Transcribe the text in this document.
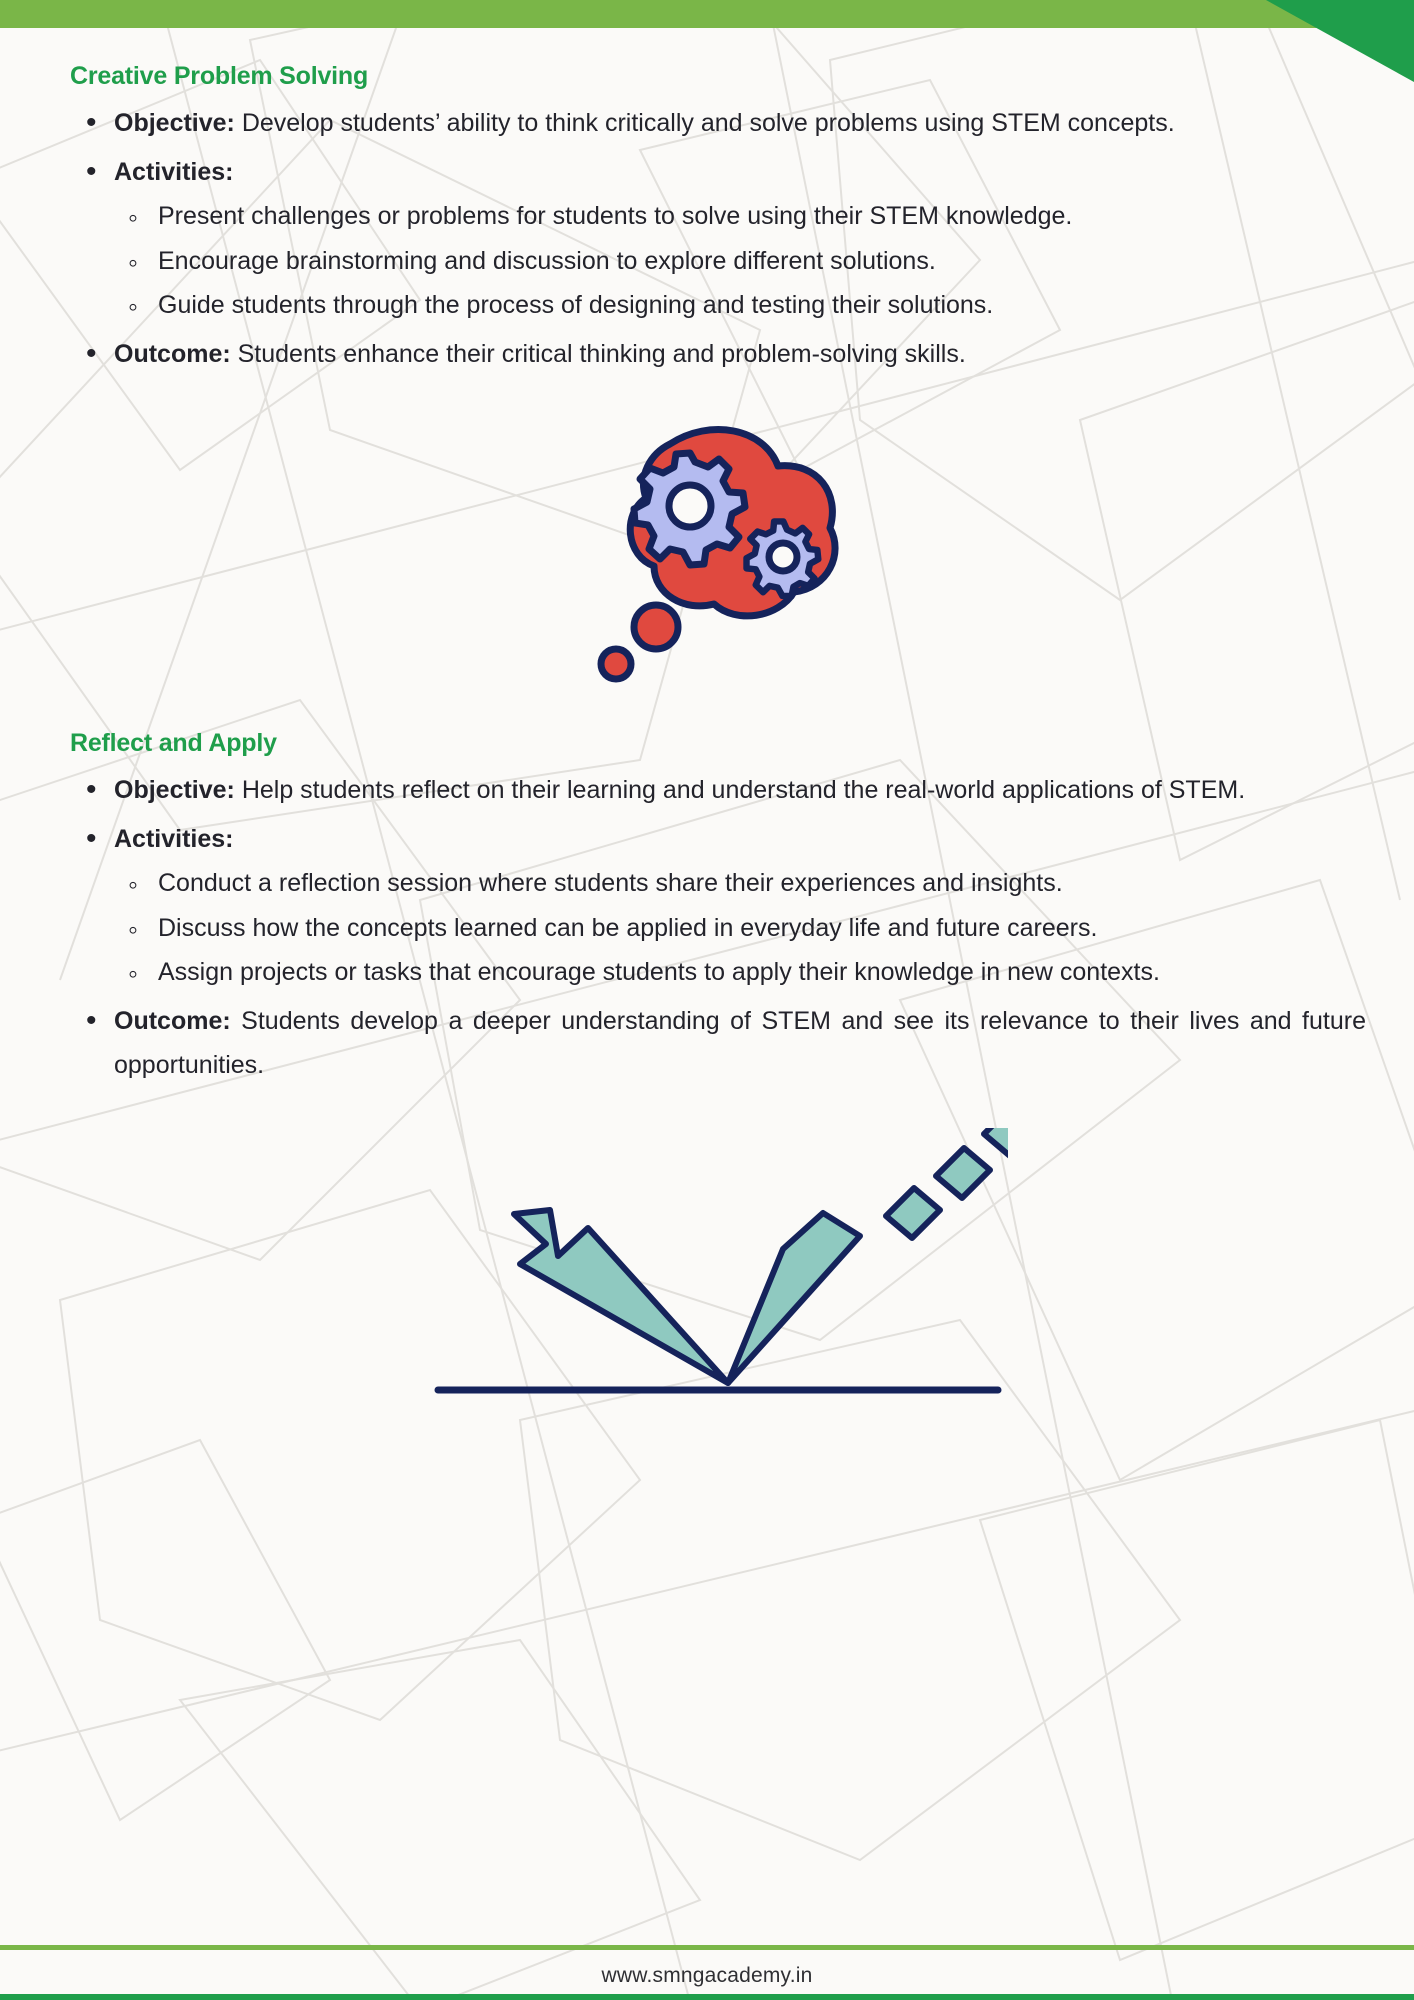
Creative Problem Solving
• Objective: Develop students’ ability to think critically and solve problems using STEM concepts.
• Activities:
◦ Present challenges or problems for students to solve using their STEM knowledge.
◦ Encourage brainstorming and discussion to explore different solutions.
◦ Guide students through the process of designing and testing their solutions.
• Outcome: Students enhance their critical thinking and problem-solving skills.
Reflect and Apply
• Objective: Help students reflect on their learning and understand the real-world applications of STEM.
• Activities:
◦ Conduct a reflection session where students share their experiences and insights.
◦ Discuss how the concepts learned can be applied in everyday life and future careers.
◦ Assign projects or tasks that encourage students to apply their knowledge in new contexts.
• Outcome: Students develop a deeper understanding of STEM and see its relevance to their lives and future opportunities.
www.smngacademy.in
